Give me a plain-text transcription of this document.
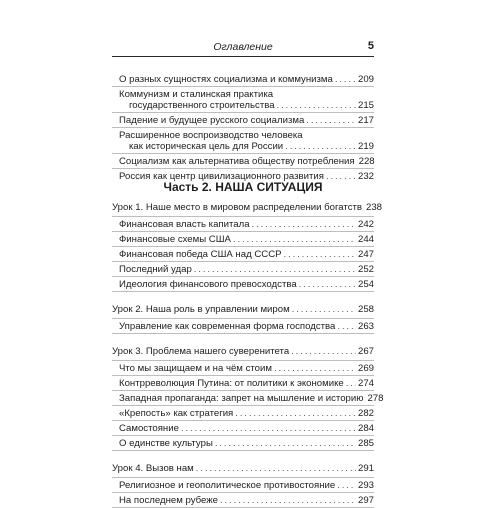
Оглавление	5
О разных сущностях социализма и коммунизма . . .	209
Коммунизм и сталинская практика
государственного строительства . . .	215
Падение и будущее русского социализма . . .	217
Расширенное воспроизводство человека
как историческая цель для России . . .	219
Социализм как альтернатива обществу потребления 228
Россия как центр цивилизационного развития . . .	232
Часть 2. НАША СИТУАЦИЯ
Урок 1. Наше место в мировом распределении богатств 238
Финансовая власть капитала . . .	242
Финансовые схемы США . . .	244
Финансовая победа США над СССР . . .	247
Последний удар . . .	252
Идеология финансового превосходства . . .	254
Урок 2. Наша роль в управлении миром . . .	258
Управление как современная форма господства . . . 263
Урок 3. Проблема нашего суверенитета . . .	267
Что мы защищаем и на чём стоим . . .	269
Контрреволюция Путина: от политики к экономике . . . 274
Западная пропаганда: запрет на мышление и историю 278
«Крепость» как стратегия . . .	282
Самостояние . . .	284
О единстве культуры . . .	285
Урок 4. Вызов нам . . .	291
Религиозное и геополитическое противостояние . . . 293
На последнем рубеже . . .	297
